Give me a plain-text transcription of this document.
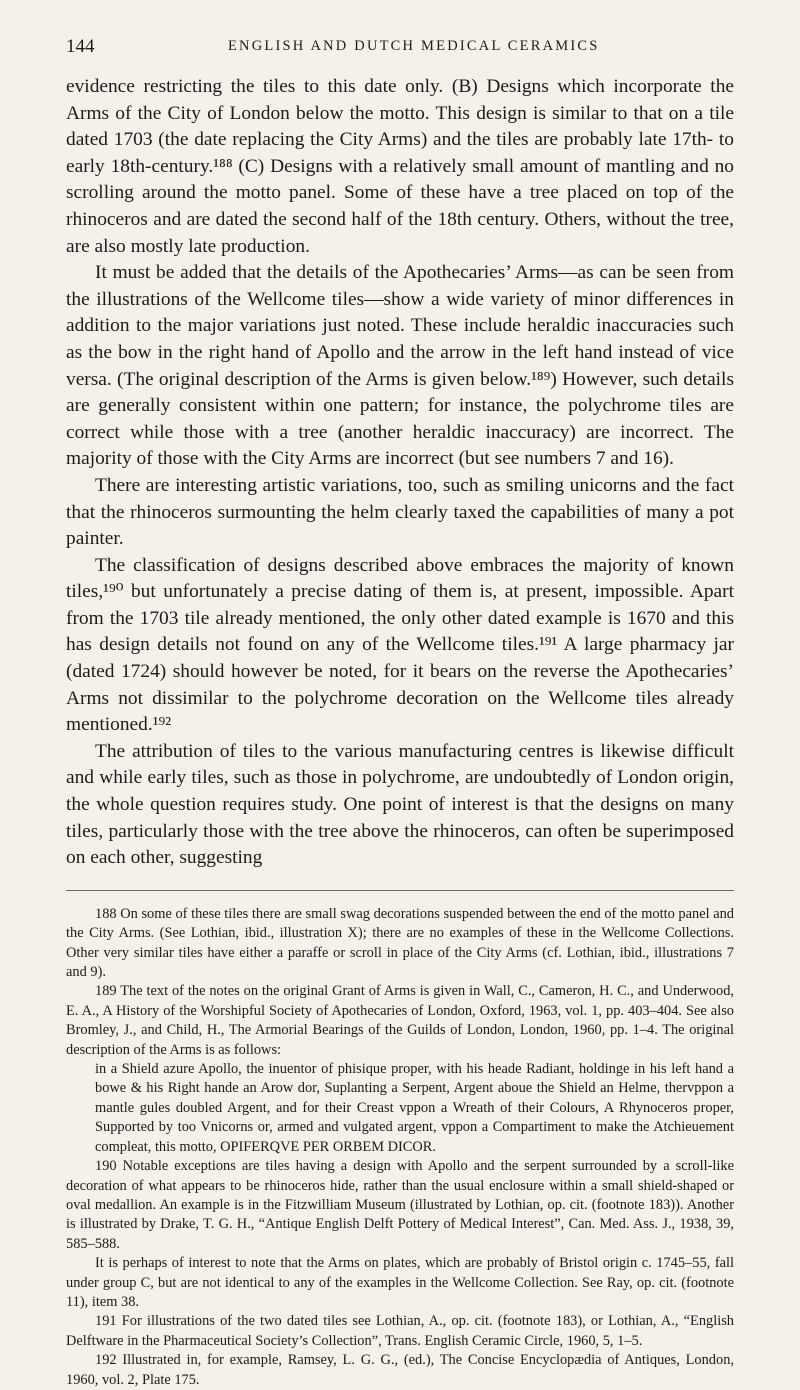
144	ENGLISH AND DUTCH MEDICAL CERAMICS

evidence restricting the tiles to this date only. (B) Designs which incorporate the Arms of the City of London below the motto. This design is similar to that on a tile dated 1703 (the date replacing the City Arms) and the tiles are probably late 17th- to early 18th-century.¹⁸⁸ (C) Designs with a relatively small amount of mantling and no scrolling around the motto panel. Some of these have a tree placed on top of the rhinoceros and are dated the second half of the 18th century. Others, without the tree, are also mostly late production.

It must be added that the details of the Apothecaries’ Arms—as can be seen from the illustrations of the Wellcome tiles—show a wide variety of minor differences in addition to the major variations just noted. These include heraldic inaccuracies such as the bow in the right hand of Apollo and the arrow in the left hand instead of vice versa. (The original description of the Arms is given below.¹⁸⁹) However, such details are generally consistent within one pattern; for instance, the polychrome tiles are correct while those with a tree (another heraldic inaccuracy) are incorrect. The majority of those with the City Arms are incorrect (but see numbers 7 and 16).

There are interesting artistic variations, too, such as smiling unicorns and the fact that the rhinoceros surmounting the helm clearly taxed the capabilities of many a pot painter.

The classification of designs described above embraces the majority of known tiles,¹⁹⁰ but unfortunately a precise dating of them is, at present, impossible. Apart from the 1703 tile already mentioned, the only other dated example is 1670 and this has design details not found on any of the Wellcome tiles.¹⁹¹ A large pharmacy jar (dated 1724) should however be noted, for it bears on the reverse the Apothecaries’ Arms not dissimilar to the polychrome decoration on the Wellcome tiles already mentioned.¹⁹²

The attribution of tiles to the various manufacturing centres is likewise difficult and while early tiles, such as those in polychrome, are undoubtedly of London origin, the whole question requires study. One point of interest is that the designs on many tiles, particularly those with the tree above the rhinoceros, can often be superimposed on each other, suggesting

188 On some of these tiles there are small swag decorations suspended between the end of the motto panel and the City Arms. (See Lothian, ibid., illustration X); there are no examples of these in the Wellcome Collections. Other very similar tiles have either a paraffe or scroll in place of the City Arms (cf. Lothian, ibid., illustrations 7 and 9).

189 The text of the notes on the original Grant of Arms is given in Wall, C., Cameron, H. C., and Underwood, E. A., A History of the Worshipful Society of Apothecaries of London, Oxford, 1963, vol. 1, pp. 403–404. See also Bromley, J., and Child, H., The Armorial Bearings of the Guilds of London, London, 1960, pp. 1–4. The original description of the Arms is as follows:

in a Shield azure Apollo, the inuentor of phisique proper, with his heade Radiant, holdinge in his left hand a bowe & his Right hande an Arow dor, Suplanting a Serpent, Argent aboue the Shield an Helme, thervppon a mantle gules doubled Argent, and for their Creast vppon a Wreath of their Colours, A Rhynoceros proper, Supported by too Vnicorns or, armed and vulgated argent, vppon a Compartiment to make the Atchieuement compleat, this motto, OPIFERQVE PER ORBEM DICOR.

190 Notable exceptions are tiles having a design with Apollo and the serpent surrounded by a scroll-like decoration of what appears to be rhinoceros hide, rather than the usual enclosure within a small shield-shaped or oval medallion. An example is in the Fitzwilliam Museum (illustrated by Lothian, op. cit. (footnote 183)). Another is illustrated by Drake, T. G. H., “Antique English Delft Pottery of Medical Interest”, Can. Med. Ass. J., 1938, 39, 585–588.

It is perhaps of interest to note that the Arms on plates, which are probably of Bristol origin c. 1745–55, fall under group C, but are not identical to any of the examples in the Wellcome Collection. See Ray, op. cit. (footnote 11), item 38.

191 For illustrations of the two dated tiles see Lothian, A., op. cit. (footnote 183), or Lothian, A., “English Delftware in the Pharmaceutical Society’s Collection”, Trans. English Ceramic Circle, 1960, 5, 1–5.

192 Illustrated in, for example, Ramsey, L. G. G., (ed.), The Concise Encyclopædia of Antiques, London, 1960, vol. 2, Plate 175.
